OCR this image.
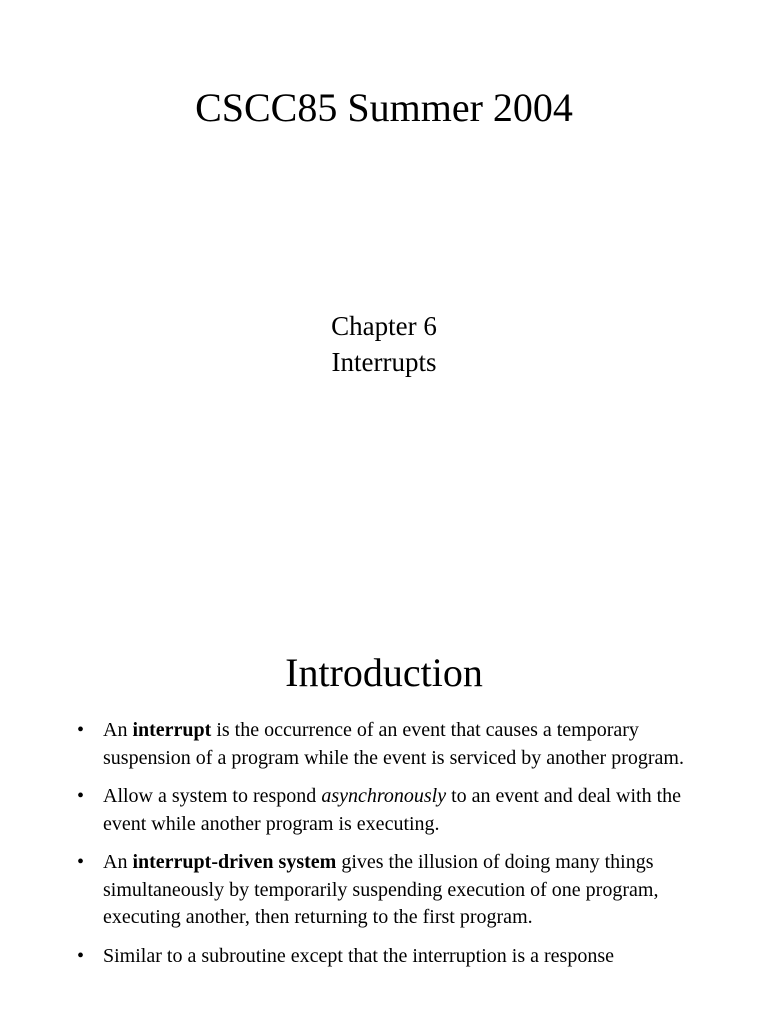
CSCC85 Summer 2004
Chapter 6
Interrupts
Introduction
• An interrupt is the occurrence of an event that causes a temporary suspension of a program while the event is serviced by another program.
• Allow a system to respond asynchronously to an event and deal with the event while another program is executing.
• An interrupt-driven system gives the illusion of doing many things simultaneously by temporarily suspending execution of one program, executing another, then returning to the first program.
• Similar to a subroutine except that the interruption is a response
